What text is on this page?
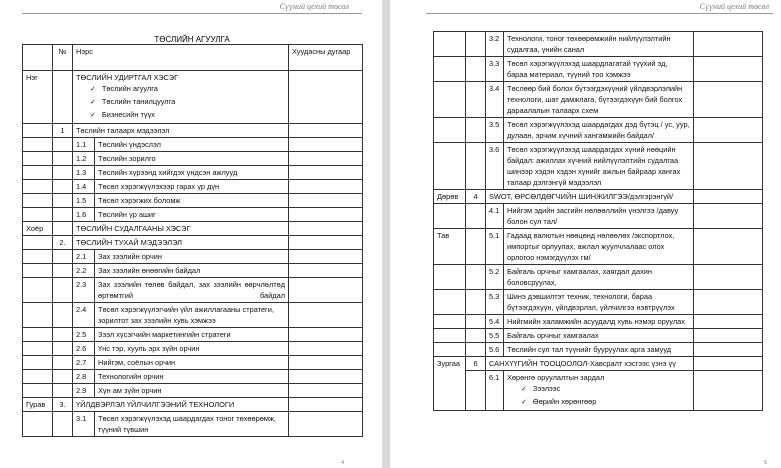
Сүүний цехий төсөл
ТӨСЛИЙН АГУУЛГА
	№	Нэрс		Хуудасны дугаар
Нэг		ТӨСЛИЙН УДИРТГАЛ ХЭСЭГ
✓ Төслийн агуулга
✓ Төслийн танилцуулга
✓ Бизнесийн түүх		

	1	Төслийн талаарх мэдээлэл		
		1.1	Төслийн үндэслэл	
		1.2	Төслийн зорилго	
		1.3	Төслийн хүрээнд хийгдэх үндсэн ажлууд	
		1.4	Төсөл хэрэгжүүлэхээр гарах үр дүн	
		1.5	Төсөл хэрэгжих боломж	
		1.6	Төслийн үр ашиг	
Хоёр		ТӨСЛИЙН СУДАЛГААНЫ ХЭСЭГ		
	2.	ТӨСЛИЙН ТУХАЙ МЭДЭЭЛЭЛ		
		2.1	Зах зээлийн орчин	
		2.2	Зах зээлийн өнөөгийн байдал	
		2.3	Зах зээлийн төлөв байдал, зах зээлийн өөрчлөлтөд өртөмтгий байдал	
		2.4	Төсөл хэрэгжүүлэгчийн үйл ажиллагааны стратеги, зорилтот зах зээлийн хувь хэмжээ	
		2.5	Зээл хүсэгчийн маркетингийн стратеги	
		2.6	Үнс тэр, хууль эрх зүйн орчин	
		2.7	Нийгэм, соёлын орчин	
		2.8	Технологийн орчин	
		2.9	Хүн ам зүйн орчин	
Гурав	3.	ҮЙЛДВЭРЛЭЛ ҮЙЛЧИЛГЭЭНИЙ ТЕХНОЛОГИ		
		3.1	Төсөл хэрэгжүүлэхэд шаардагдах тоног төхөөрөмж, түүний түвшин	
4
Сүүний цехий төсөл
		3.2	Технологи, тоног төхөөрөмжийн нийлүүлэлтийн судалгаа, үнийн санал	
		3.3	Төсөл хэрэгжүүлэхэд шаардлагатай түүхий эд, бараа материал, түүний тоо хэмжээ	
		3.4	Төслөөр бий болох бүтээгдэхүүний үйлдвэрлэлийн технологи, шат дамжлага, бүтээгдэхүүн бий болгох дараалалын талаарх схем	
		3.5	Төсөл хэрэгжүүлэхэд шаардагдах дэд бүтэц / ус, уур, дулаан, эрчим хүчний хангамжийн байдал/	
		3.6	Төсөл хэрэгжүүлэхэд шаардагдах хүний нөөцийн байдал: ажиллах хүчний нийлүүлэлтийн судалгаа шинээр хэдэн хэдэн хүнийг ажлын байраар хангах талаар дэлгэнгүй мэдээлэл	
Дөрөв	4	SWOT, ӨРСӨЛДӨГЧИЙН ШИНЖИЛГЭЭ/дэлгэрэнгүй/		
		4.1	Нийгэм эдийн засгийн нөлөөллийн үнэлгээ /давуу болон сул тал/	
Тав		5.1	Гадаад валютын нөөцөнд нөлөөлөх /экспортлох, импортыг орлуулах, ажлал жуулчлалаас олох орлогоо нэмэгдүүлэх гм/	
		5.2	Байгаль орчныг хамгаалах, хаягдал дахин боловсруулах,	
		5.3	Шинэ дэвшилтэт техник, технологи, бараа бүтээгдэхүүн, үйлдвэрлэл, үйлчилгээ нэвтрүүлэх	
		5.4	Нийгмийн халамжийн асуудалд хувь нэмэр оруулах	
		5.5	Байгаль орчныг хамгаалах	
		5.6	Төслийн сул тал түүнийг бууруулах арга замууд	
Зургаа	6	САНХҮҮГИЙН ТООЦООЛОЛ-Хавсралт хэсгээс үзнэ үү		
		6.1	Хөрөнгө оруулалтын зардал
✓ Зээлээс
✓ Өөрийн хөрөнгөөр	

5
